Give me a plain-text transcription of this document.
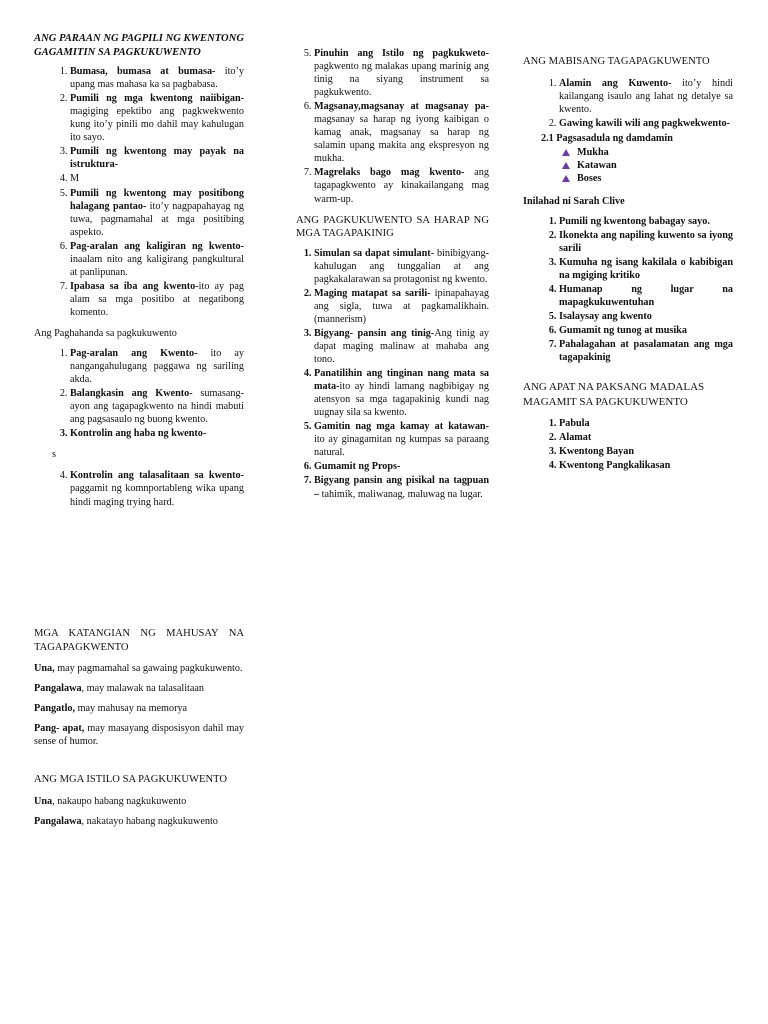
ANG PARAAN NG PAGPILI NG KWENTONG GAGAMITIN SA PAGKUKUWENTO
1. Bumasa, bumasa at bumasa- ito’y upang mas mahasa ka sa pagbabasa.
2. Pumili ng mga kwentong naiibigan- magiging epektibo ang pagkwekwento kung ito’y pinili mo dahil may kahulugan ito sayo.
3. Pumili ng kwentong may payak na istruktura-
4. M
5. Pumili ng kwentong may positibong halagang pantao- ito’y nagpapahayag ng tuwa, pagmamahal at mga positibing aspekto.
6. Pag-aralan ang kaligiran ng kwento- inaalam nito ang kaligirang pangkultural at panlipunan.
7. Ipabasa sa iba ang kwento-ito ay pag alam sa mga positibo at negatibong komento.

Ang Paghahanda sa pagkukuwento

1. Pag-aralan ang Kwento- ito ay nangangahulugang paggawa ng sariling akda.
2. Balangkasin ang Kwento- sumasang-ayon ang tagapagkwento na hindi mabuti ang pagsasaulo ng buong kwento.
3. Kontrolin ang haba ng kwento-
s
4. Kontrolin ang talasalitaan sa kwento- paggamit ng komnportableng wika upang hindi maging trying hard.
MGA KATANGIAN NG MAHUSAY NA TAGAPAGKWENTO

Una, may pagmamahal sa gawaing pagkukuwento.

Pangalawa, may malawak na talasalitaan

Pangatlo, may mahusay na memorya

Pang- apat, may masayang disposisyon dahil may sense of humor.

ANG MGA ISTILO SA PAGKUKUWENTO

Una, nakaupo habang nagkukuwento

Pangalawa, nakatayo habang nagkukuwento

5. Pinuhin ang Istilo ng pagkukweto- pagkwento ng malakas upang marinig ang tinig na siyang instrument sa pagkukwento.
6. Magsanay,magsanay at magsanay pa- magsanay sa harap ng iyong kaibigan o kamag anak, magsanay sa harap ng salamin upang makita ang ekspresyon ng mukha.
7. Magrelaks bago mag kwento- ang tagapagkwento ay kinakailangang mag warm-up.
ANG PAGKUKUWENTO SA HARAP NG MGA TAGAPAKINIG
1. Simulan sa dapat simulant- binibigyang-kahulugan ang tunggalian at ang pagkakalarawan sa protagonist ng kwento.
2. Maging matapat sa sarili- ipinapahayag ang sigla, tuwa at pagkamalikhain. (mannerism)
3. Bigyang- pansin ang tinig-Ang tinig ay dapat maging malinaw at mahaba ang tono.
4. Panatilihin ang tinginan nang mata sa mata-ito ay hindi lamang nagbibigay ng atensyon sa mga tagapakinig kundi nag uugnay sila sa kwento.
5. Gamitin nag mga kamay at katawan- ito ay ginagamitan ng kumpas sa paraang natural.
6. Gumamit ng Props-
7. Bigyang pansin ang pisikal na tagpuan – tahimik, maliwanag, maluwag na lugar.
ANG MABISANG TAGAPAGKUWENTO
1. Alamin ang Kuwento- ito’y hindi kailangang isaulo ang lahat ng detalye sa kwento.
2. Gawing kawili wili ang pagkwekwento-
2.1 Pagsasadula ng damdamin
Mukha
Katawan
Boses

Inilahad ni Sarah Clive

1. Pumili ng kwentong babagay sayo.
2. Ikonekta ang napiling kuwento sa iyong sarili
3. Kumuha ng isang kakilala o kabibigan na mgiging kritiko
4. Humanap ng lugar na mapagkukuwentuhan
5. Isalaysay ang kwento
6. Gumamit ng tunog at musika
7. Pahalagahan at pasalamatan ang mga tagapakinig
ANG APAT NA PAKSANG MADALAS MAGAMIT SA PAGKUKUWENTO
1. Pabula
2. Alamat
3. Kwentong Bayan
4. Kwentong Pangkalikasan
